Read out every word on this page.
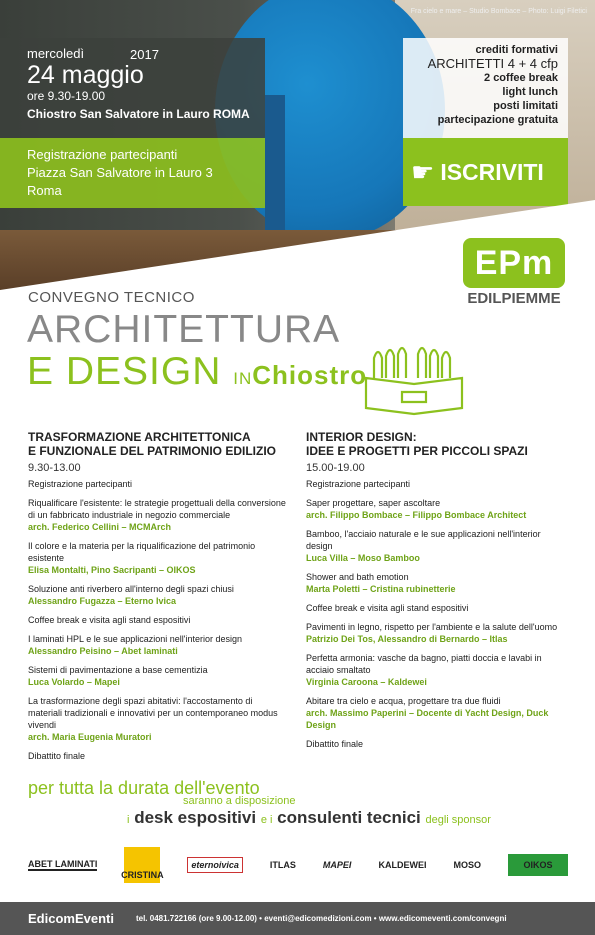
Fra cielo e mare – Studio Bombace – Photo: Luigi Filetici
mercoledì	2017
24 maggio
ore 9.30-19.00
Chiostro San Salvatore in Lauro ROMA
Registrazione partecipanti
Piazza San Salvatore in Lauro 3
Roma
crediti formativi
ARCHITETTI 4 + 4 cfp
2 coffee break
light lunch
posti limitati
partecipazione gratuita
☛ ISCRIVITI
EPm
EDILPIEMME
CONVEGNO TECNICO
ARCHITETTURA
E DESIGN INChiostro
TRASFORMAZIONE ARCHITETTONICA
E FUNZIONALE DEL PATRIMONIO EDILIZIO
9.30-13.00
Registrazione partecipanti
Riqualificare l'esistente: le strategie progettuali della conversione di un fabbricato industriale in negozio commerciale
arch. Federico Cellini – MCMArch
Il colore e la materia per la riqualificazione del patrimonio esistente
Elisa Montalti, Pino Sacripanti – OIKOS
Soluzione anti riverbero all'interno degli spazi chiusi
Alessandro Fugazza – Eterno Ivica
Coffee break e visita agli stand espositivi
I laminati HPL e le sue applicazioni nell'interior design
Alessandro Peisino – Abet laminati
Sistemi di pavimentazione a base cementizia
Luca Volardo – Mapei
La trasformazione degli spazi abitativi: l'accostamento di materiali tradizionali e innovativi per un contemporaneo modus vivendi
arch. Maria Eugenia Muratori
Dibattito finale
INTERIOR DESIGN:
IDEE E PROGETTI PER PICCOLI SPAZI
15.00-19.00
Registrazione partecipanti
Saper progettare, saper ascoltare
arch. Filippo Bombace – Filippo Bombace Architect
Bamboo, l'acciaio naturale e le sue applicazioni nell'interior design
Luca Villa – Moso Bamboo
Shower and bath emotion
Marta Poletti – Cristina rubinetterie
Coffee break e visita agli stand espositivi
Pavimenti in legno, rispetto per l'ambiente e la salute dell'uomo
Patrizio Dei Tos, Alessandro di Bernardo – Itlas
Perfetta armonia: vasche da bagno, piatti doccia e lavabi in acciaio smaltato
Virginia Caroona – Kaldewei
Abitare tra cielo e acqua, progettare tra due fluidi
arch. Massimo Paperini – Docente di Yacht Design, Duck Design
Dibattito finale
per tutta la durata dell'evento
saranno a disposizione
i desk espositivi e i consulenti tecnici degli sponsor
ABET LAMINATI
CRISTINA
eternoivica	ITLAS	MAPEI	KALDEWEI	MOSO	OIKOS
EdicomEventi	tel. 0481.722166 (ore 9.00-12.00) • eventi@edicomedizioni.com • www.edicomeventi.com/convegni
